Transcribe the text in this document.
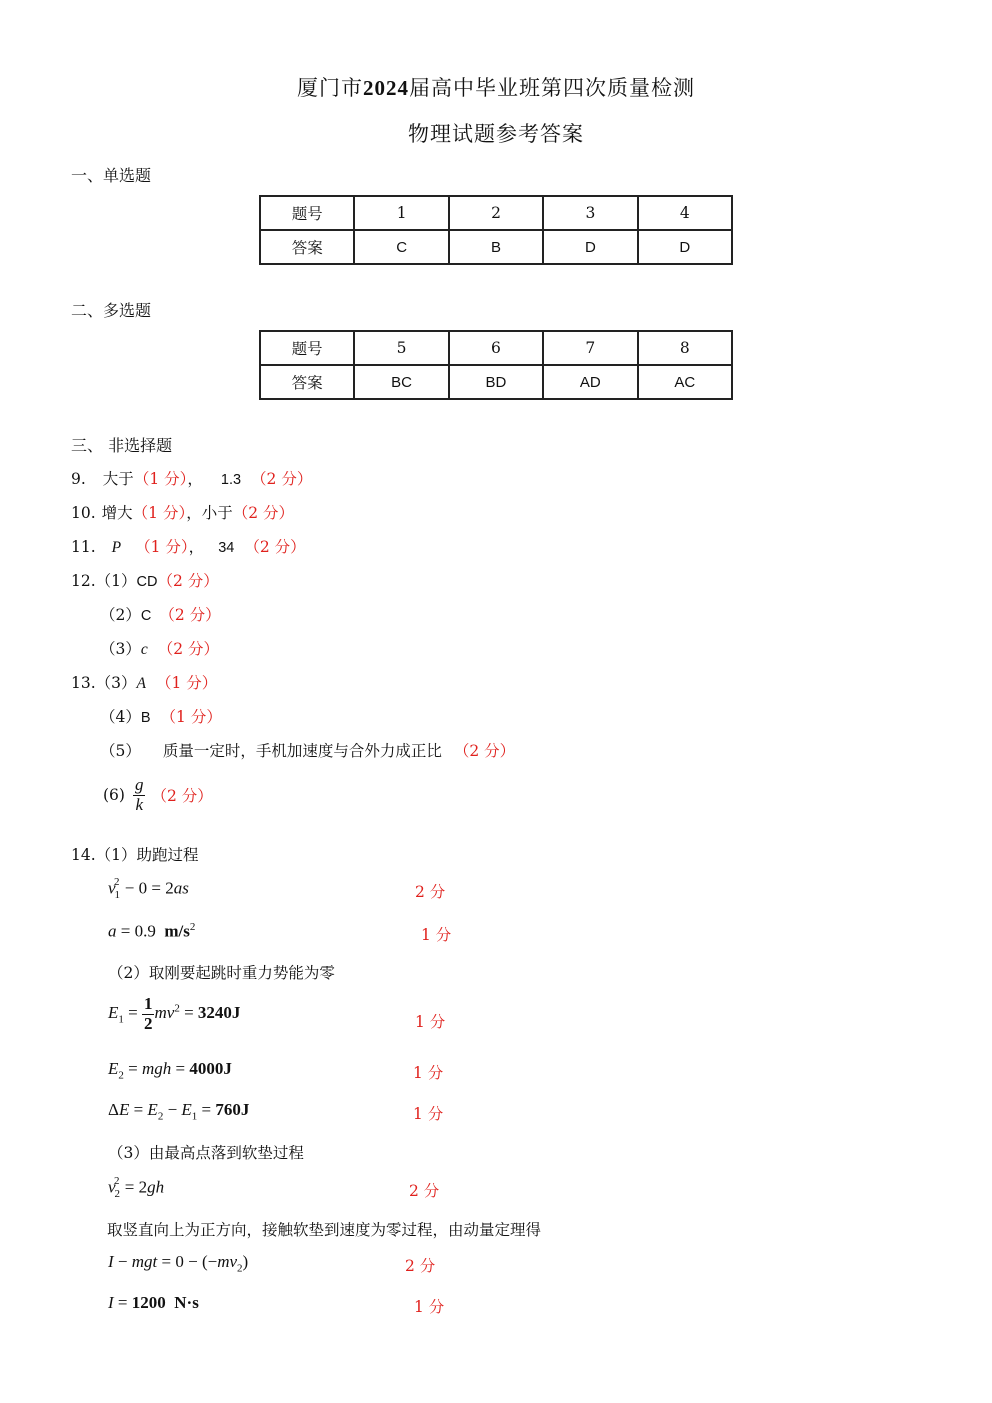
厦门市2024届高中毕业班第四次质量检测
物理试题参考答案
一、单选题
题号	1	2	3	4
答案	C	B	D	D
二、多选题
题号	5	6	7	8
答案	BC	BD	AD	AC
三、 非选择题
9. 大于（1 分）， 1.3 （2 分）
10. 增大（1 分），小于（2 分）
11. P （1 分）， 34 （2 分）
12.（1）CD（2 分）
（2）C （2 分）
（3）c （2 分）
13.（3）A （1 分）
（4）B （1 分）
（5） 质量一定时，手机加速度与合外力成正比 （2 分）
$(6) \frac{g}{k} (2$ 分）
14.（1）助跑过程
$v_1^2 - 0 = 2as$	2 分
a = 0.9  $m/s^2$	1 分
（2）取刚要起跳时重力势能为零
$E_1 = \frac{1}{2} mv^2 = 3240J$	1 分
$E_2$ = mgh = 4000J	1 分
$\Delta E = E_2 - E_1 = 760J$	1 分
（3）由最高点落到软垫过程
$v_2^2 = 2gh$	2 分
取竖直向上为正方向，接触软垫到速度为零过程，由动量定理得
I − mgt = $0 - (-mv_2)$	2 分
I = 1200 N·s	1 分
